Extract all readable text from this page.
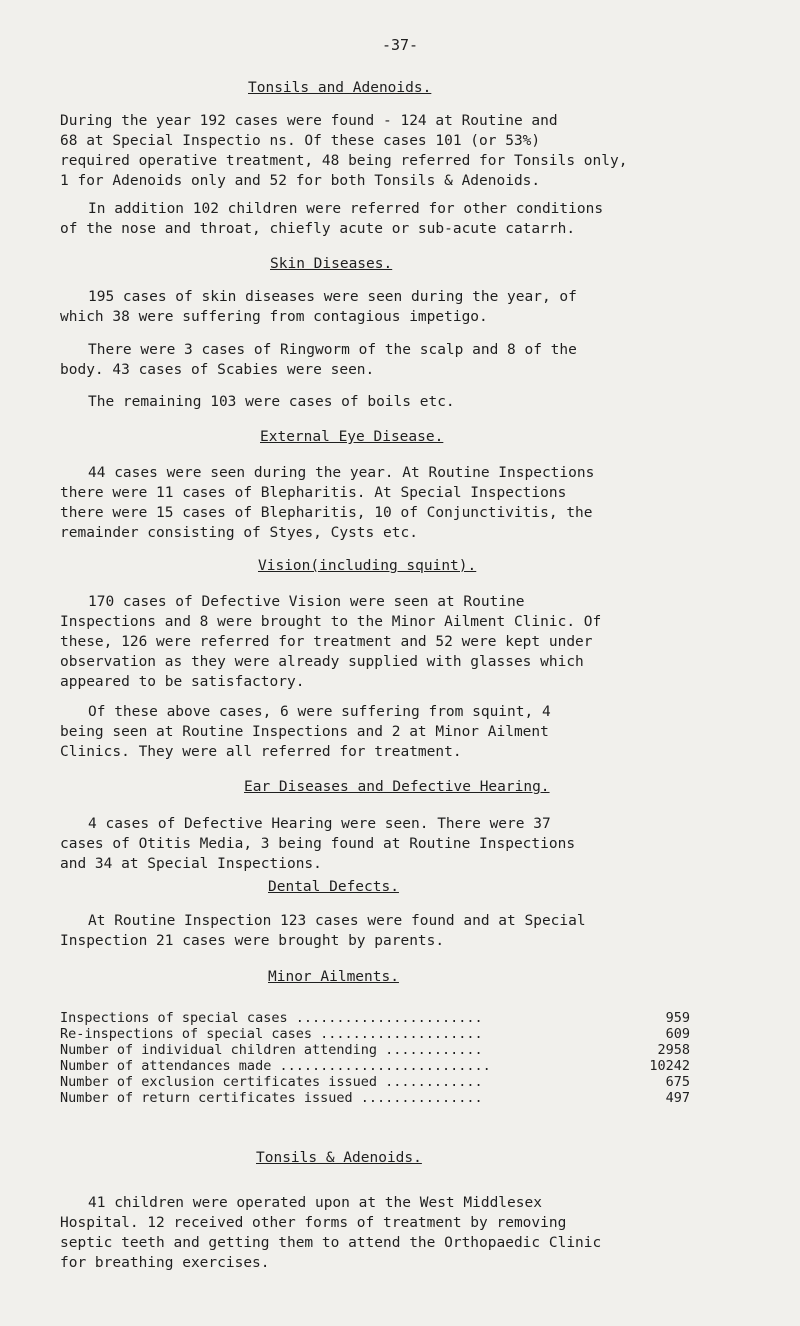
-37-
Tonsils and Adenoids.

During the year 192 cases were found - 124 at Routine and
68 at Special Inspectio ns. Of these cases 101 (or 53%)
required operative treatment, 48 being referred for Tonsils only,
1 for Adenoids only and 52 for both Tonsils & Adenoids.

In addition 102 children were referred for other conditions
of the nose and throat, chiefly acute or sub-acute catarrh.

Skin Diseases.

195 cases of skin diseases were seen during the year, of
which 38 were suffering from contagious impetigo.

There were 3 cases of Ringworm of the scalp and 8 of the
body. 43 cases of Scabies were seen.

The remaining 103 were cases of boils etc.

External Eye Disease.

44 cases were seen during the year. At Routine Inspections
there were 11 cases of Blepharitis. At Special Inspections
there were 15 cases of Blepharitis, 10 of Conjunctivitis, the
remainder consisting of Styes, Cysts etc.

Vision(including squint).

170 cases of Defective Vision were seen at Routine
Inspections and 8 were brought to the Minor Ailment Clinic. Of
these, 126 were referred for treatment and 52 were kept under
observation as they were already supplied with glasses which
appeared to be satisfactory.

Of these above cases, 6 were suffering from squint, 4
being seen at Routine Inspections and 2 at Minor Ailment
Clinics. They were all referred for treatment.

Ear Diseases and Defective Hearing.

4 cases of Defective Hearing were seen. There were 37
cases of Otitis Media, 3 being found at Routine Inspections
and 34 at Special Inspections.

Dental Defects.

At Routine Inspection 123 cases were found and at Special
Inspection 21 cases were brought by parents.

Minor Ailments.
Inspections of special cases .......................	959
Re-inspections of special cases ....................	609
Number of individual children attending ............	2958
Number of attendances made ..........................	10242
Number of exclusion certificates issued ............	675
Number of return certificates issued ...............	497
Tonsils & Adenoids.

41 children were operated upon at the West Middlesex
Hospital. 12 received other forms of treatment by removing
septic teeth and getting them to attend the Orthopaedic Clinic
for breathing exercises.
